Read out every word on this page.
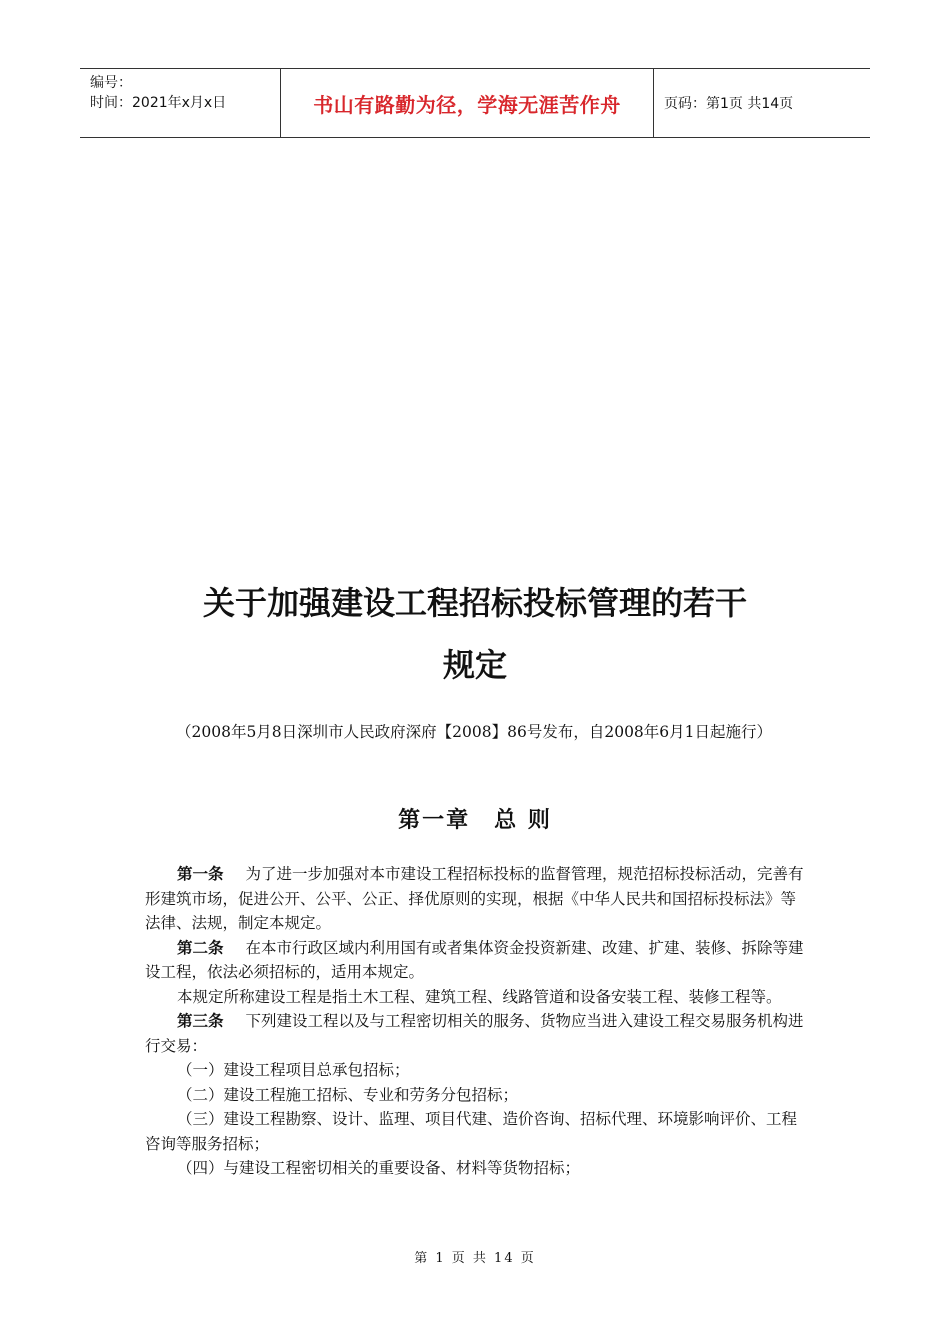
编号：
时间：2021年x月x日	书山有路勤为径，学海无涯苦作舟	页码：第1页 共14页
关于加强建设工程招标投标管理的若干
规定
（2008年5月8日深圳市人民政府深府【2008】86号发布，自2008年6月1日起施行）
第一章　总 则

第一条 为了进一步加强对本市建设工程招标投标的监督管理，规范招标投标活动，完善有形建筑市场，促进公开、公平、公正、择优原则的实现，根据《中华人民共和国招标投标法》等法律、法规，制定本规定。

第二条 在本市行政区域内利用国有或者集体资金投资新建、改建、扩建、装修、拆除等建设工程，依法必须招标的，适用本规定。

本规定所称建设工程是指土木工程、建筑工程、线路管道和设备安装工程、装修工程等。

第三条 下列建设工程以及与工程密切相关的服务、货物应当进入建设工程交易服务机构进行交易：

（一）建设工程项目总承包招标；

（二）建设工程施工招标、专业和劳务分包招标；

（三）建设工程勘察、设计、监理、项目代建、造价咨询、招标代理、环境影响评价、工程咨询等服务招标；

（四）与建设工程密切相关的重要设备、材料等货物招标；

第 1 页 共 14 页
